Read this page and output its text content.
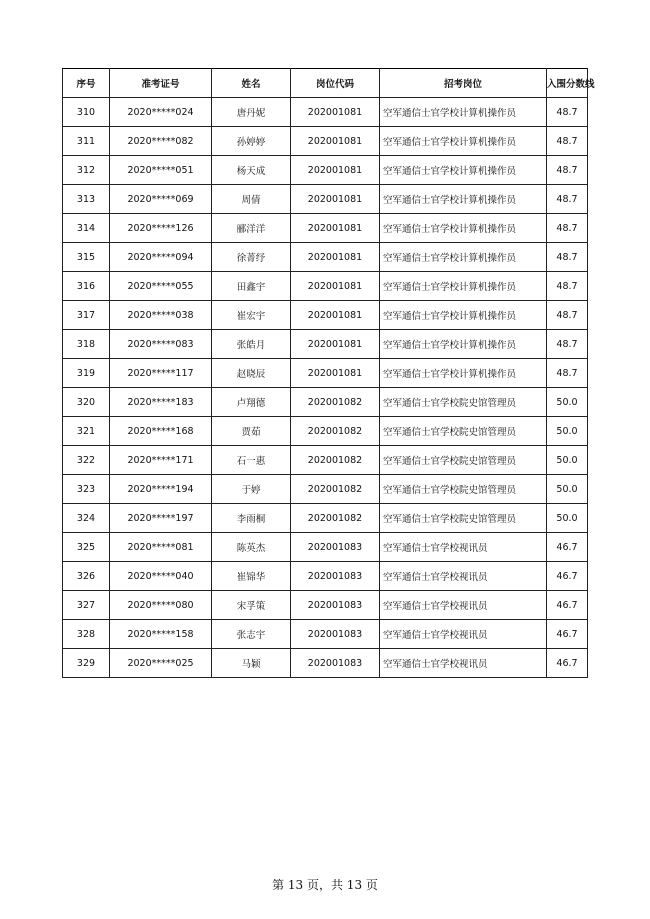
序号	准考证号	姓名	岗位代码	招考岗位	入围分数线
310	2020*****024	唐丹妮	202001081	空军通信士官学校计算机操作员	48.7
311	2020*****082	孙婷婷	202001081	空军通信士官学校计算机操作员	48.7
312	2020*****051	杨天成	202001081	空军通信士官学校计算机操作员	48.7
313	2020*****069	周倩	202001081	空军通信士官学校计算机操作员	48.7
314	2020*****126	郦洋洋	202001081	空军通信士官学校计算机操作员	48.7
315	2020*****094	徐菁纾	202001081	空军通信士官学校计算机操作员	48.7
316	2020*****055	田鑫宇	202001081	空军通信士官学校计算机操作员	48.7
317	2020*****038	崔宏宇	202001081	空军通信士官学校计算机操作员	48.7
318	2020*****083	张皓月	202001081	空军通信士官学校计算机操作员	48.7
319	2020*****117	赵晓辰	202001081	空军通信士官学校计算机操作员	48.7
320	2020*****183	卢翔德	202001082	空军通信士官学校院史馆管理员	50.0
321	2020*****168	贾茹	202001082	空军通信士官学校院史馆管理员	50.0
322	2020*****171	石一惠	202001082	空军通信士官学校院史馆管理员	50.0
323	2020*****194	于婷	202001082	空军通信士官学校院史馆管理员	50.0
324	2020*****197	李雨桐	202001082	空军通信士官学校院史馆管理员	50.0
325	2020*****081	陈英杰	202001083	空军通信士官学校视讯员	46.7
326	2020*****040	崔锦华	202001083	空军通信士官学校视讯员	46.7
327	2020*****080	宋孚策	202001083	空军通信士官学校视讯员	46.7
328	2020*****158	张志宇	202001083	空军通信士官学校视讯员	46.7
329	2020*****025	马颖	202001083	空军通信士官学校视讯员	46.7
第 13 页，共 13 页
